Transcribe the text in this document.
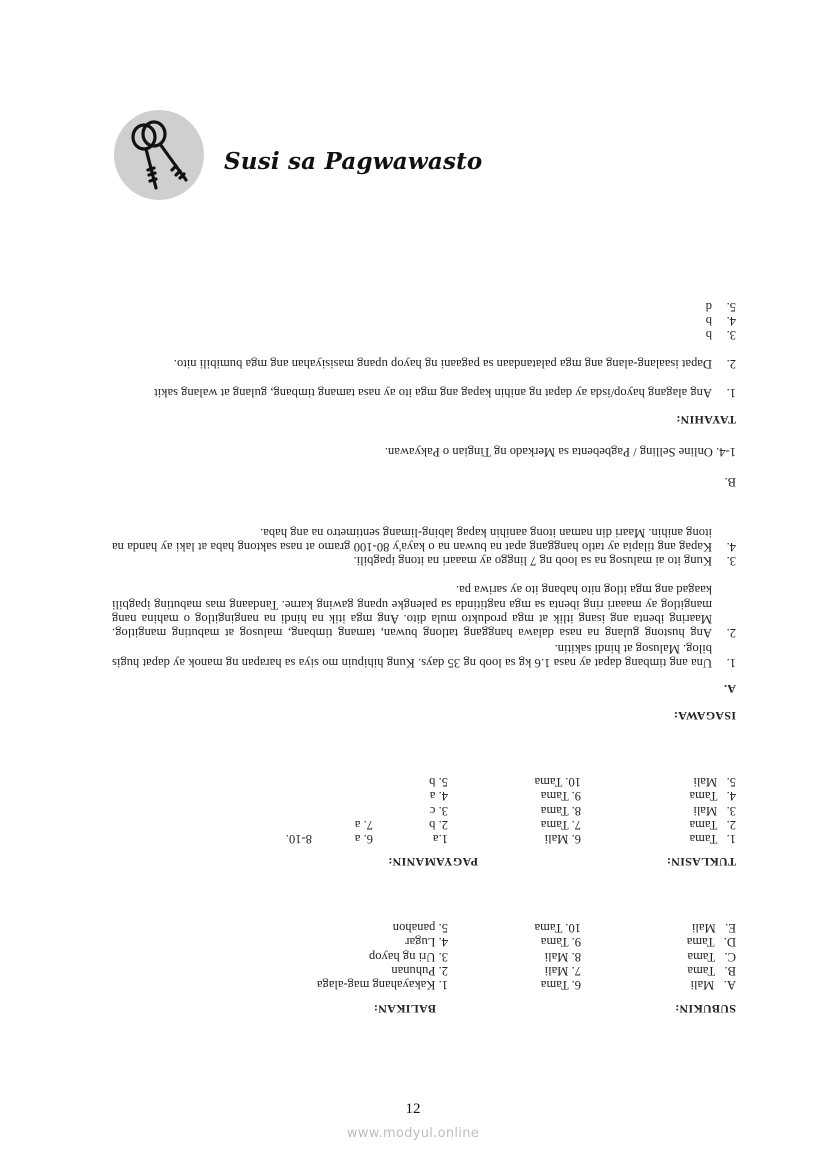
Susi sa Pagwawasto
SUBUKIN:
BALIKAN:
A.   Mali
B.   Tama
C.   Tama
D.   Tama
E.   Mali
6. Tama
7. Mali
8. Mali
9. Tama
10. Tama
1. Kakayahang mag-alaga
2. Puhunan
3. Uri ng hayop
4. Lugar
5. panahon
TUKLASIN:
PAGYAMANIN:
1.   Tama
2.   Tama
3.   Mali
4.   Tama
5.   Mali
6. Mali
7. Tama
8. Tama
9. Tama
10. Tama
1.a
2. b
3. c
4. a
5. b
6. a
7. a
8-10.
ISAGAWA:
A.
1.
Una ang timbang dapat ay nasa 1.6 kg sa loob ng 35 days. Kung hihipuin mo siya sa harapan ng manok ay dapat hugis bilog. Malusog at hindi sakitin.
2.
Ang hustong gulang na nasa dalawa hanggang tatlong buwan, tamang timbang, malusog at mabuting mangitlog. Maaring ibenta ang isang itlik at mga produkto mula dito. Ang mga itik na hindi na nangingitlog o mahina nang mangitlog ay maaari ring ibenta sa mga nagtitinda sa palengke upang gawing karne. Tandaang mas mabuting ipagbili kaagad ang mga itlog nito habang ito ay sariwa pa.
3.
Kung ito ai malusog na sa loob ng 7 linggo ay maaari na itong ipagbili.
4.
Kapag ang tilapia ay tatlo hanggang apat na buwan na o kaya'y 80-100 gramo at nasa saktong haba at laki ay handa na itong anihin. Maari din naman itong aanihin kapag labing-limang sentimetro na ang haba.
B.
1-4. Online Selling / Pagbebenta sa Merkado ng Tingian o Pakyawan.
TAYAHIN:
1.
Ang alagang hayop/isda ay dapat ng anihin kapag ang mga ito ay nasa tamang timbang, gulang at walang sakit
2.
Dapat isaalang-alang ang mga palatandaan sa pagaani ng hayop upang masisiyahan ang mga bumibili nito.
3.
b
4.
b
5.
d
12
www.modyul.online
